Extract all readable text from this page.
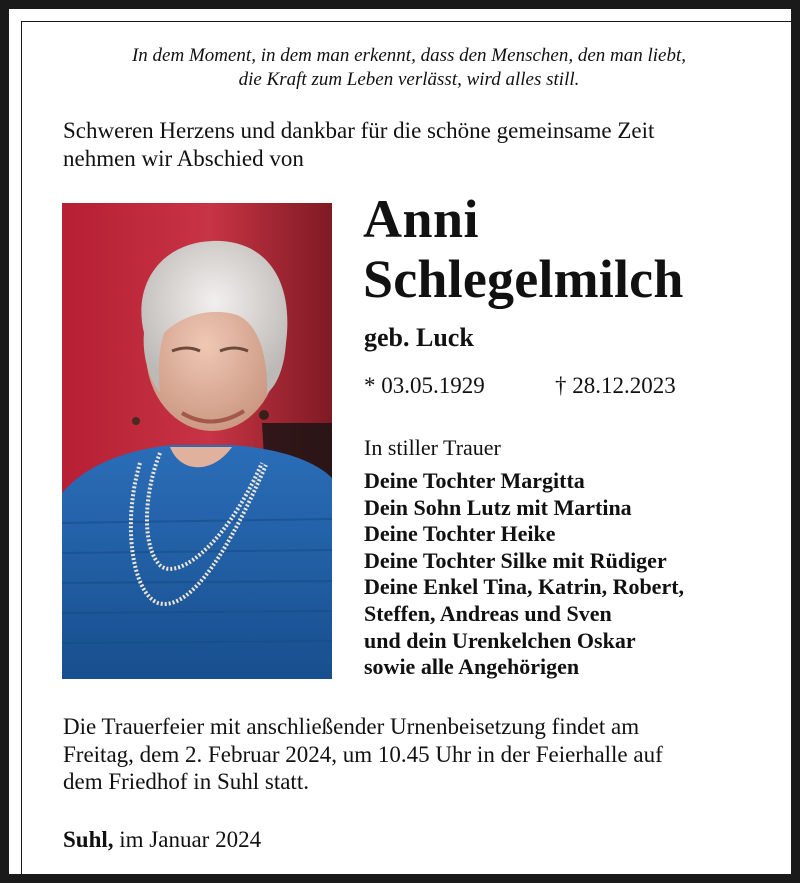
In dem Moment, in dem man erkennt, dass den Menschen, den man liebt,
die Kraft zum Leben verlässt, wird alles still.
Schweren Herzens und dankbar für die schöne gemeinsame Zeit
nehmen wir Abschied von
Anni
Schlegelmilch
geb. Luck
* 03.05.1929	† 28.12.2023
In stiller Trauer
Deine Tochter Margitta
Dein Sohn Lutz mit Martina
Deine Tochter Heike
Deine Tochter Silke mit Rüdiger
Deine Enkel Tina, Katrin, Robert,
Steffen, Andreas und Sven
und dein Urenkelchen Oskar
sowie alle Angehörigen
Die Trauerfeier mit anschließender Urnenbeisetzung findet am
Freitag, dem 2. Februar 2024, um 10.45 Uhr in der Feierhalle auf
dem Friedhof in Suhl statt.
Suhl, im Januar 2024
